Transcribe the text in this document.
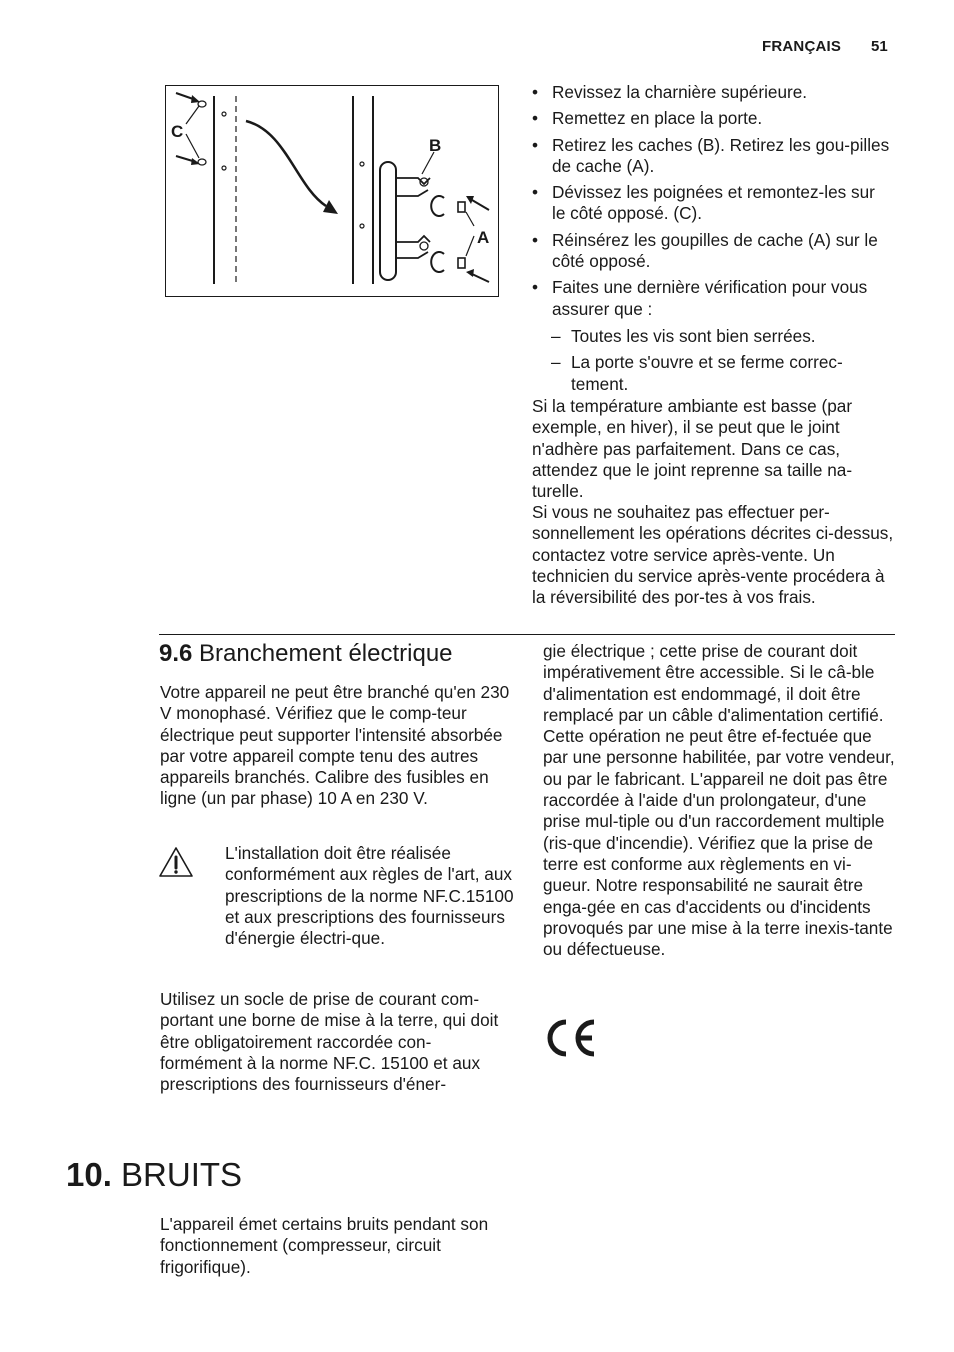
FRANÇAIS 51
C
B
A
• Revissez la charnière supérieure.
• Remettez en place la porte.
• Retirez les caches (B). Retirez les gou-pilles de cache (A).
• Dévissez les poignées et remontez-les sur le côté opposé. (C).
• Réinsérez les goupilles de cache (A) sur le côté opposé.
• Faites une dernière vérification pour vous assurer que :
– Toutes les vis sont bien serrées.
– La porte s'ouvre et se ferme correc-tement.

Si la température ambiante est basse (par exemple, en hiver), il se peut que le joint n'adhère pas parfaitement. Dans ce cas, attendez que le joint reprenne sa taille na-turelle.

Si vous ne souhaitez pas effectuer per-sonnellement les opérations décrites ci-dessus, contactez votre service après-vente. Un technicien du service après-vente procédera à la réversibilité des por-tes à vos frais.

9.6 Branchement électrique

Votre appareil ne peut être branché qu'en 230 V monophasé. Vérifiez que le comp-teur électrique peut supporter l'intensité absorbée par votre appareil compte tenu des autres appareils branchés. Calibre des fusibles en ligne (un par phase) 10 A en 230 V.

L'installation doit être réalisée conformément aux règles de l'art, aux prescriptions de la norme NF.C.15100 et aux prescriptions des fournisseurs d'énergie électri-que.

Utilisez un socle de prise de courant com-portant une borne de mise à la terre, qui doit être obligatoirement raccordée con-formément à la norme NF.C. 15100 et aux prescriptions des fournisseurs d'éner-

gie électrique ; cette prise de courant doit impérativement être accessible. Si le câ-ble d'alimentation est endommagé, il doit être remplacé par un câble d'alimentation certifié. Cette opération ne peut être ef-fectuée que par une personne habilitée, par votre vendeur, ou par le fabricant. L'appareil ne doit pas être raccordée à l'aide d'un prolongateur, d'une prise mul-tiple ou d'un raccordement multiple (ris-que d'incendie). Vérifiez que la prise de terre est conforme aux règlements en vi-gueur. Notre responsabilité ne saurait être enga-gée en cas d'accidents ou d'incidents provoqués par une mise à la terre inexis-tante ou défectueuse.

10. BRUITS

L'appareil émet certains bruits pendant son fonctionnement (compresseur, circuit frigorifique).
